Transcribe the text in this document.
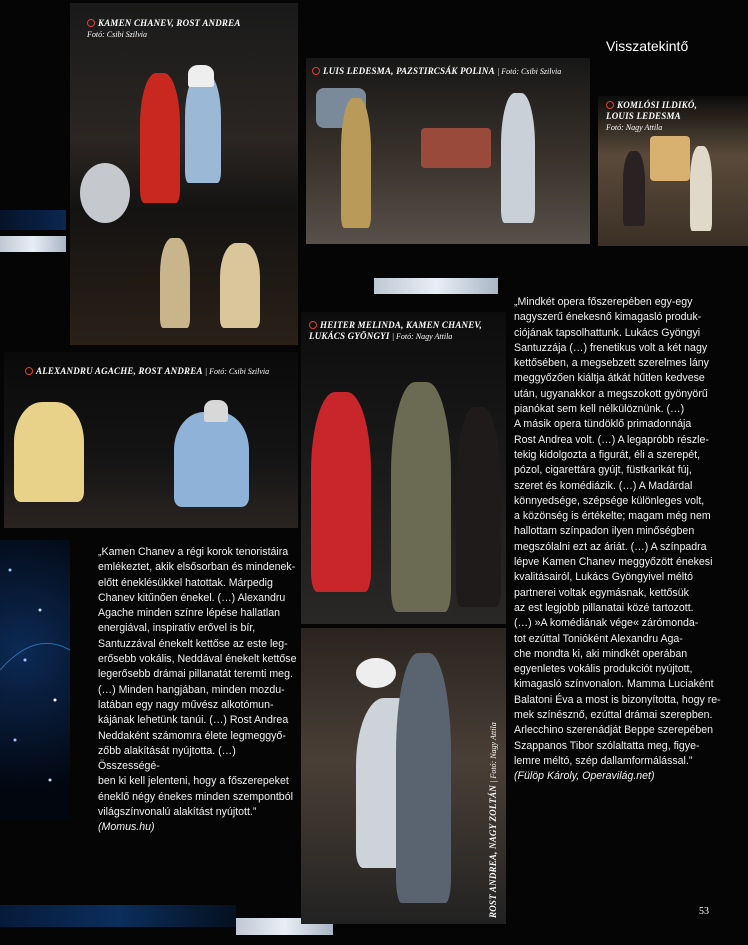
Visszatekintő
KAMEN CHANEV, ROST ANDREA
Fotó: Csibi Szilvia
LUIS LEDESMA, PAZSTIRCSÁK POLINA | Fotó: Csibi Szilvia
KOMLÓSI ILDIKÓ,
LOUIS LEDESMA
Fotó: Nagy Attila
ALEXANDRU AGACHE, ROST ANDREA | Fotó: Csibi Szilvia
HEITER MELINDA, KAMEN CHANEV,
LUKÁCS GYÖNGYI | Fotó: Nagy Attila
ROST ANDREA, NAGY ZOLTÁN | Fotó: Nagy Attila

„Kamen Chanev a régi korok tenoristáira

emlékeztet, akik elsősorban és mindenek-

előtt éneklésükkel hatottak. Márpedig

Chanev kitűnően énekel. (…) Alexandru

Agache minden színre lépése hallatlan

energiával, inspiratív erővel is bír,

Santuzzával énekelt kettőse az este leg-

erősebb vokális, Neddával énekelt kettőse

legerősebb drámai pillanatát teremti meg.

(…) Minden hangjában, minden mozdu-

latában egy nagy művész alkotómun-

kájának lehetünk tanúi. (…) Rost Andrea

Neddaként számomra élete legmeggyő-

zőbb alakítását nyújtotta. (…) Összességé-

ben ki kell jelenteni, hogy a főszerepeket

éneklő négy énekes minden szempontból

világszínvonalú alakítást nyújtott.”

(Momus.hu)

„Mindkét opera főszerepében egy-egy

nagyszerű énekesnő kimagasló produk-

ciójának tapsolhattunk. Lukács Gyöngyi

Santuzzája (…) frenetikus volt a két nagy

kettősében, a megsebzett szerelmes lány

meggyőzően kiáltja átkát hűtlen kedvese

után, ugyanakkor a megszokott gyönyörű

pianókat sem kell nélkülöznünk. (…)

A másik opera tündöklő primadonnája

Rost Andrea volt. (…) A legapróbb részle-

tekig kidolgozta a figurát, éli a szerepét,

pózol, cigarettára gyújt, füstkarikát fúj,

szeret és komédiázik. (…) A Madárdal

könnyedsége, szépsége különleges volt,

a közönség is értékelte; magam még nem

hallottam színpadon ilyen minőségben

megszólalni ezt az áriát. (…) A színpadra

lépve Kamen Chanev meggyőzött énekesi

kvalitásairól, Lukács Gyöngyivel méltó

partnerei voltak egymásnak, kettősük

az est legjobb pillanatai közé tartozott.

(…) »A komédiának vége« zárómonda-

tot ezúttal Tonióként Alexandru Aga-

che mondta ki, aki mindkét operában

egyenletes vokális produkciót nyújtott,

kimagasló színvonalon. Mamma Luciaként

Balatoni Éva a most is bizonyította, hogy re-

mek színésznő, ezúttal drámai szerepben.

Arlecchino szerenádját Beppe szerepében

Szappanos Tibor szólaltatta meg, figye-

lemre méltó, szép dallamformálással.”

(Fülöp Károly, Operavilág.net)

53
